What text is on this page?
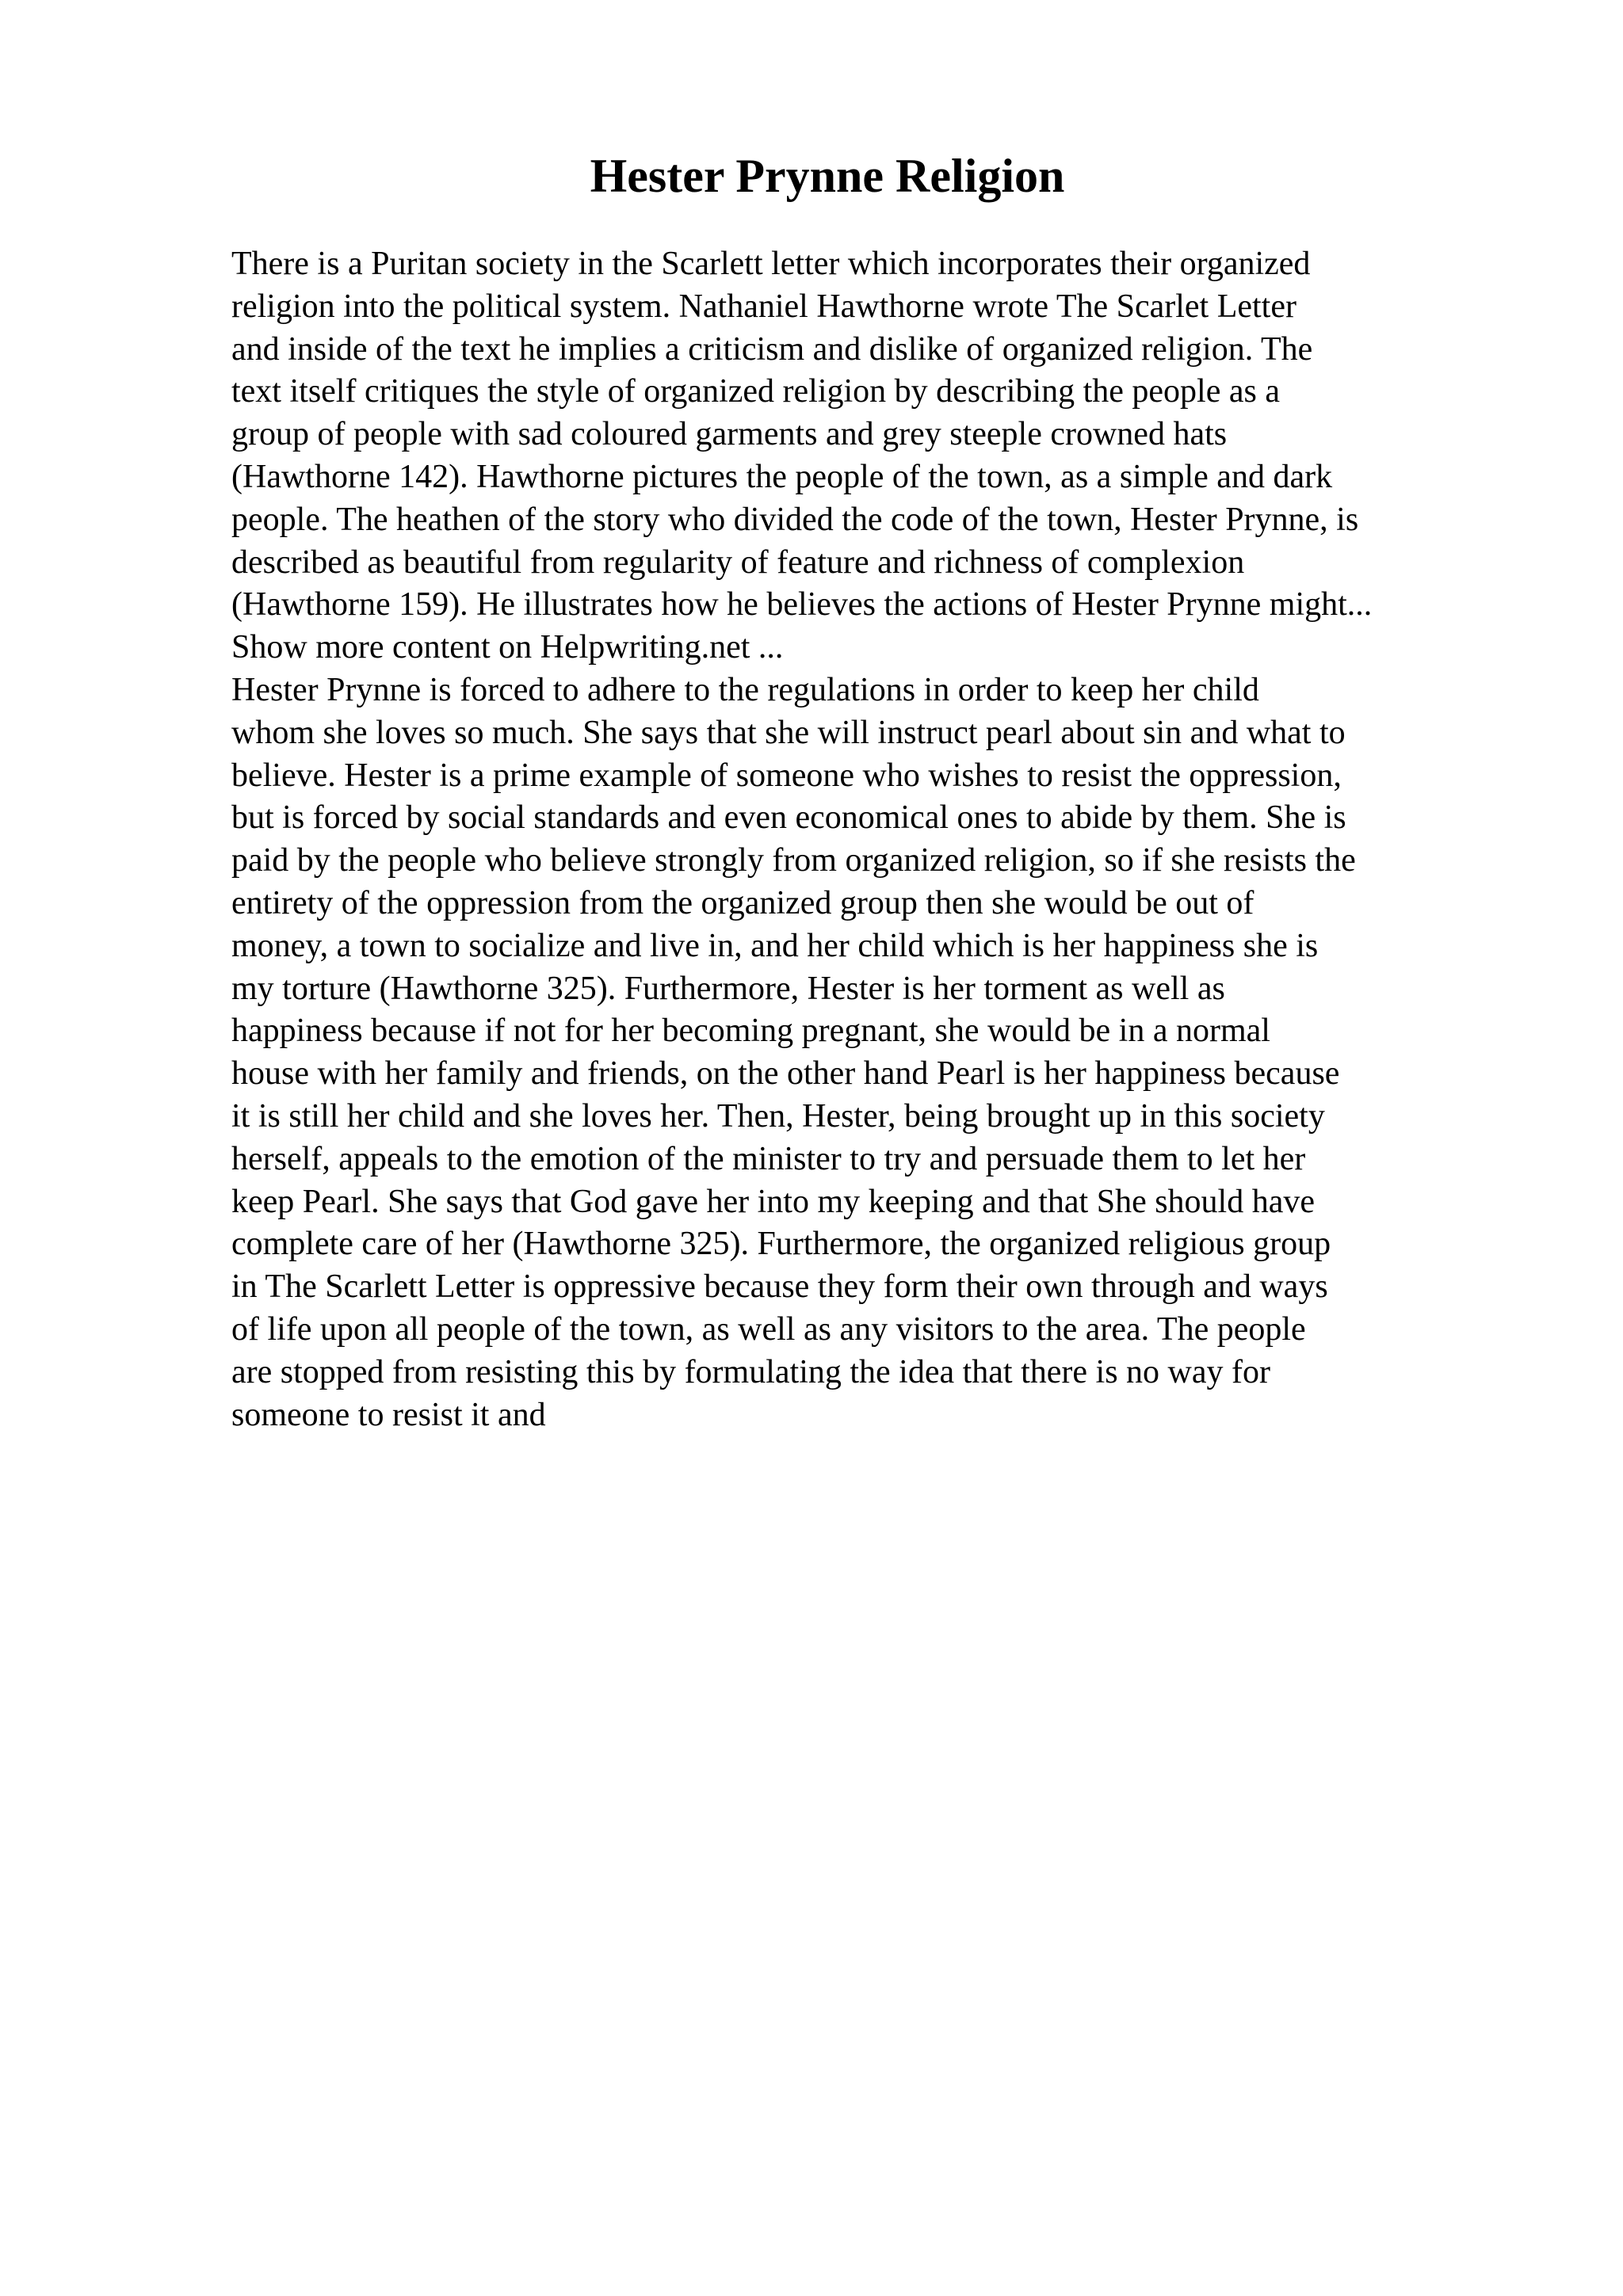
Hester Prynne Religion
There is a Puritan society in the Scarlett letter which incorporates their organized
religion into the political system. Nathaniel Hawthorne wrote The Scarlet Letter
and inside of the text he implies a criticism and dislike of organized religion. The
text itself critiques the style of organized religion by describing the people as a
group of people with sad coloured garments and grey steeple crowned hats
(Hawthorne 142). Hawthorne pictures the people of the town, as a simple and dark
people. The heathen of the story who divided the code of the town, Hester Prynne, is
described as beautiful from regularity of feature and richness of complexion
(Hawthorne 159). He illustrates how he believes the actions of Hester Prynne might...
Show more content on Helpwriting.net ...
Hester Prynne is forced to adhere to the regulations in order to keep her child
whom she loves so much. She says that she will instruct pearl about sin and what to
believe. Hester is a prime example of someone who wishes to resist the oppression,
but is forced by social standards and even economical ones to abide by them. She is
paid by the people who believe strongly from organized religion, so if she resists the
entirety of the oppression from the organized group then she would be out of
money, a town to socialize and live in, and her child which is her happiness she is
my torture (Hawthorne 325). Furthermore, Hester is her torment as well as
happiness because if not for her becoming pregnant, she would be in a normal
house with her family and friends, on the other hand Pearl is her happiness because
it is still her child and she loves her. Then, Hester, being brought up in this society
herself, appeals to the emotion of the minister to try and persuade them to let her
keep Pearl. She says that God gave her into my keeping and that She should have
complete care of her (Hawthorne 325). Furthermore, the organized religious group
in The Scarlett Letter is oppressive because they form their own through and ways
of life upon all people of the town, as well as any visitors to the area. The people
are stopped from resisting this by formulating the idea that there is no way for
someone to resist it and
